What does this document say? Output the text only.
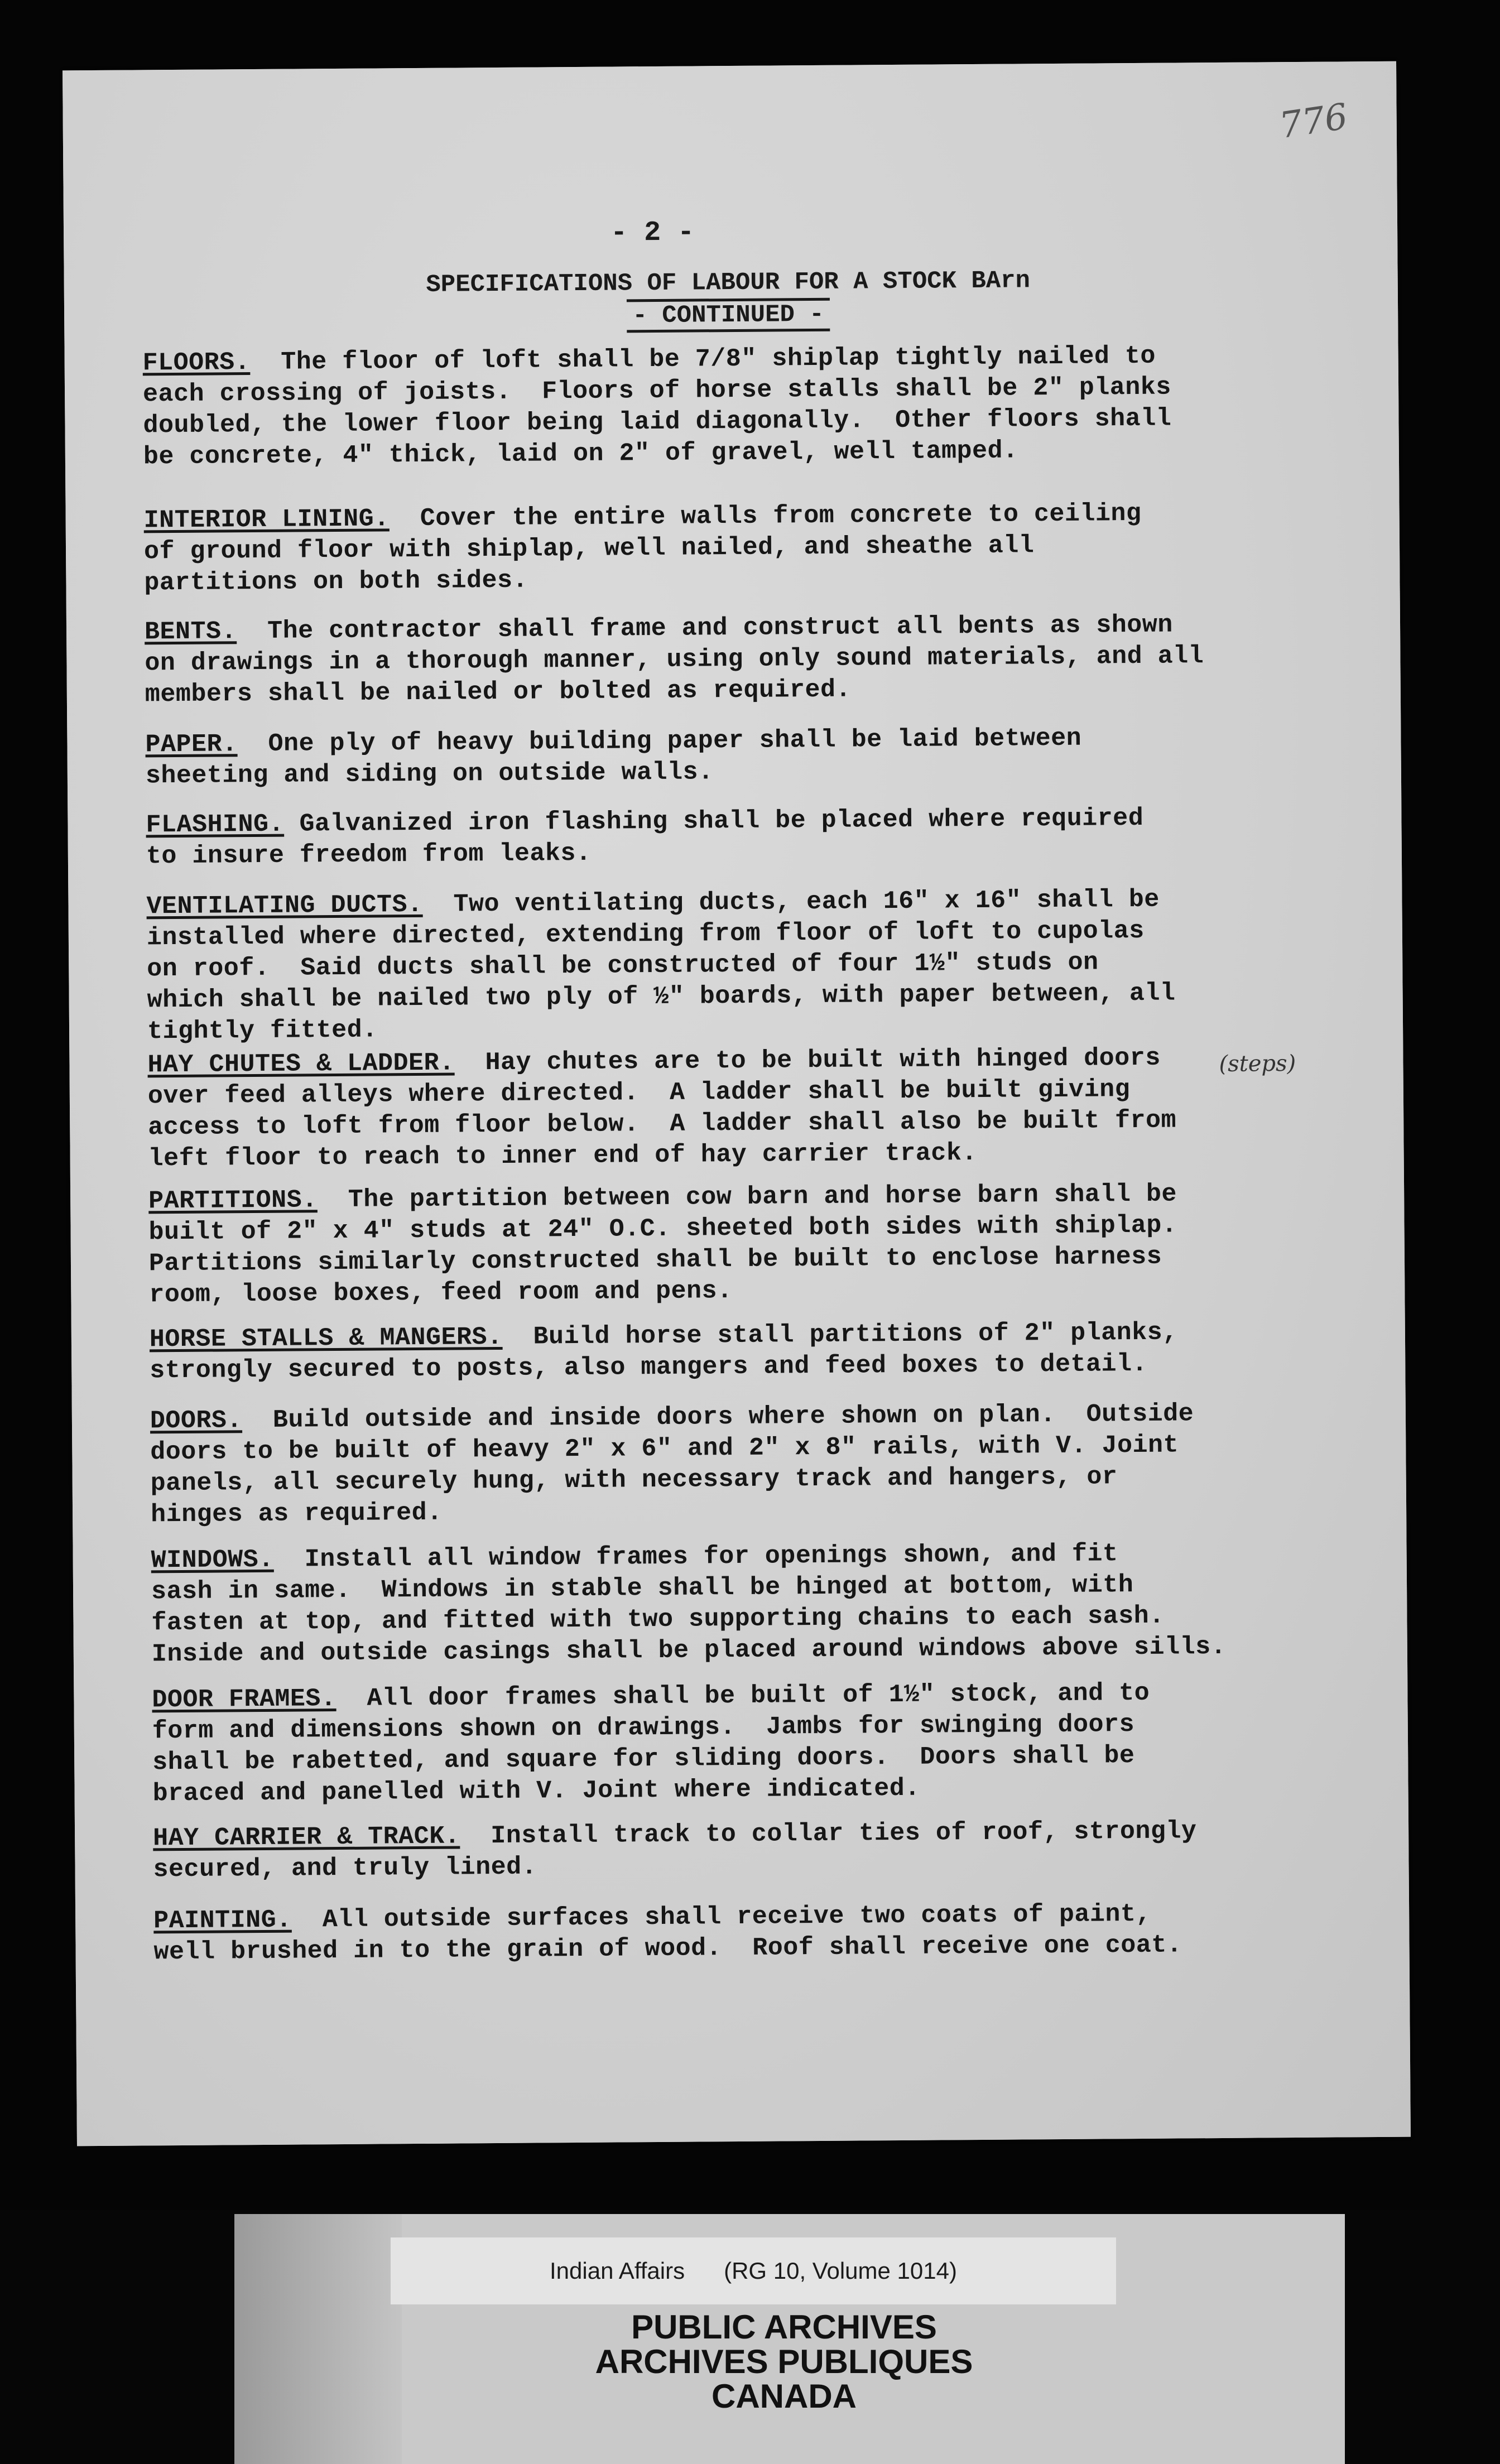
776
- 2 -
SPECIFICATIONS OF LABOUR FOR A STOCK BArn
- CONTINUED -
FLOORS.  The floor of loft shall be 7/8" shiplap tightly nailed to
each crossing of joists.  Floors of horse stalls shall be 2" planks
doubled, the lower floor being laid diagonally.  Other floors shall
be concrete, 4" thick, laid on 2" of gravel, well tamped.
INTERIOR LINING.  Cover the entire walls from concrete to ceiling
of ground floor with shiplap, well nailed, and sheathe all
partitions on both sides.
BENTS.  The contractor shall frame and construct all bents as shown
on drawings in a thorough manner, using only sound materials, and all
members shall be nailed or bolted as required.
PAPER.  One ply of heavy building paper shall be laid between
sheeting and siding on outside walls.
FLASHING. Galvanized iron flashing shall be placed where required
to insure freedom from leaks.
VENTILATING DUCTS.  Two ventilating ducts, each 16" x 16" shall be
installed where directed, extending from floor of loft to cupolas
on roof.  Said ducts shall be constructed of four 1½" studs on
which shall be nailed two ply of ½" boards, with paper between, all
tightly fitted.
HAY CHUTES & LADDER.  Hay chutes are to be built with hinged doors
over feed alleys where directed.  A ladder shall be built giving
access to loft from floor below.  A ladder shall also be built from
left floor to reach to inner end of hay carrier track.
PARTITIONS.  The partition between cow barn and horse barn shall be
built of 2" x 4" studs at 24" O.C. sheeted both sides with shiplap.
Partitions similarly constructed shall be built to enclose harness
room, loose boxes, feed room and pens.
HORSE STALLS & MANGERS.  Build horse stall partitions of 2" planks,
strongly secured to posts, also mangers and feed boxes to detail.
DOORS.  Build outside and inside doors where shown on plan.  Outside
doors to be built of heavy 2" x 6" and 2" x 8" rails, with V. Joint
panels, all securely hung, with necessary track and hangers, or
hinges as required.
WINDOWS.  Install all window frames for openings shown, and fit
sash in same.  Windows in stable shall be hinged at bottom, with
fasten at top, and fitted with two supporting chains to each sash.
Inside and outside casings shall be placed around windows above sills.
DOOR FRAMES.  All door frames shall be built of 1½" stock, and to
form and dimensions shown on drawings.  Jambs for swinging doors
shall be rabetted, and square for sliding doors.  Doors shall be
braced and panelled with V. Joint where indicated.
HAY CARRIER & TRACK.  Install track to collar ties of roof, strongly
secured, and truly lined.
PAINTING.  All outside surfaces shall receive two coats of paint,
well brushed in to the grain of wood.  Roof shall receive one coat.
(steps)
Indian Affairs (RG 10, Volume 1014)
PUBLIC ARCHIVES
ARCHIVES PUBLIQUES
CANADA
